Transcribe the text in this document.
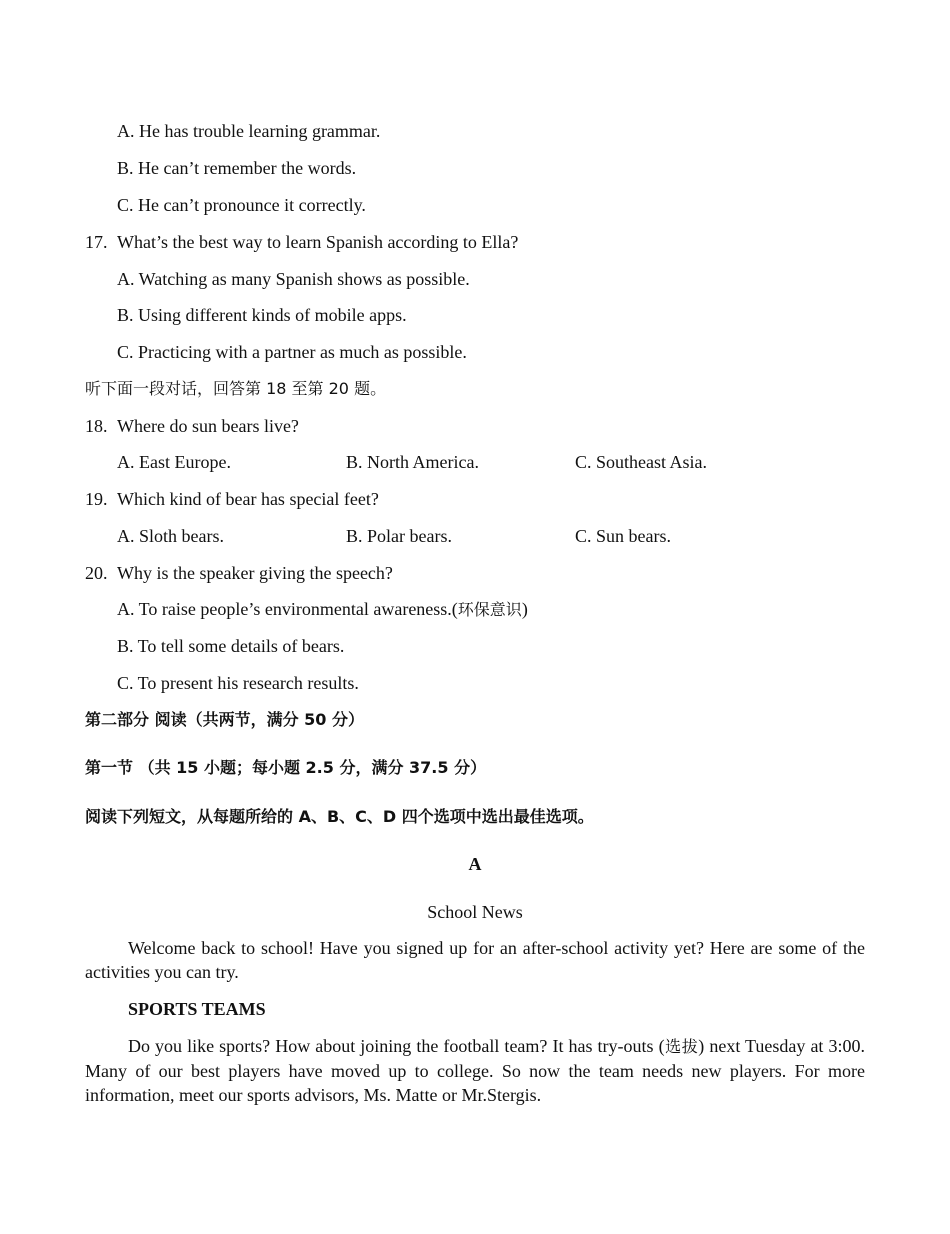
A. He has trouble learning grammar.
B. He can’t remember the words.
C. He can’t pronounce it correctly.
17. What’s the best way to learn Spanish according to Ella?
A. Watching as many Spanish shows as possible.
B. Using different kinds of mobile apps.
C. Practicing with a partner as much as possible.
听下面一段对话，回答第 18 至第 20 题。
18. Where do sun bears live?
A. East Europe.	B. North America.	C. Southeast Asia.
19. Which kind of bear has special feet?
A. Sloth bears.	B. Polar bears.	C. Sun bears.
20. Why is the speaker giving the speech?
A. To raise people’s environmental awareness.(环保意识)
B. To tell some details of bears.
C. To present his research results.
第二部分 阅读（共两节，满分 50 分）
第一节 （共 15 小题；每小题 2.5 分，满分 37.5 分）
阅读下列短文，从每题所给的 A、B、C、D 四个选项中选出最佳选项。
A
School News
Welcome back to school! Have you signed up for an after-school activity yet? Here are some of the activities you can try.
SPORTS TEAMS
Do you like sports? How about joining the football team? It has try-outs (选拔) next Tuesday at 3:00. Many of our best players have moved up to college. So now the team needs new players. For more information, meet our sports advisors, Ms. Matte or Mr.Stergis.
